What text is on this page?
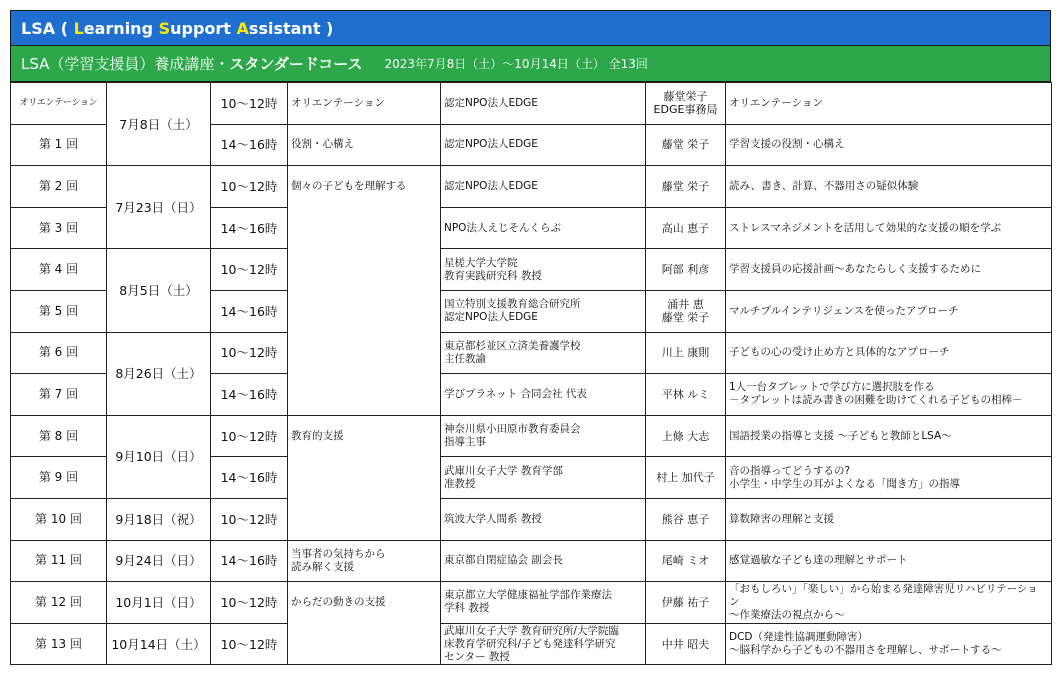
LSA ( Learning Support Assistant )
LSA（学習支援員）養成講座・ スタンダードコース 2023年7月8日（土）～10月14日（土） 全13回
オリエンテーション	7月8日（土）	10～12時	オリエンテーション	認定NPO法人EDGE	藤堂栄子
EDGE事務局	オリエンテーション
第 1 回		14～16時	役割・心構え	認定NPO法人EDGE	藤堂 栄子	学習支援の役割・心構え
第 2 回	7月23日（日）	10～12時	個々の子どもを理解する	認定NPO法人EDGE	藤堂 栄子	読み、書き、計算、不器用さの疑似体験
第 3 回		14～16時		NPO法人えじそんくらぶ	高山 恵子	ストレスマネジメントを活用して効果的な支援の順を学ぶ
第 4 回	8月5日（土）	10～12時		星槎大学大学院
教育実践研究科 教授	阿部 利彦	学習支援員の応援計画～あなたらしく支援するために
第 5 回		14～16時		国立特別支援教育総合研究所
認定NPO法人EDGE	涌井 恵
藤堂 栄子	マルチプルインテリジェンスを使ったアプローチ
第 6 回	8月26日（土）	10～12時		東京都杉並区立済美養護学校
主任教諭	川上 康則	子どもの心の受け止め方と具体的なアプローチ
第 7 回		14～16時		学びプラネット 合同会社 代表	平林 ルミ	1人一台タブレットで学び方に選択肢を作る
－タブレットは読み書きの困難を助けてくれる子どもの相棒－
第 8 回	9月10日（日）	10～12時	教育的支援	神奈川県小田原市教育委員会
指導主事	上條 大志	国語授業の指導と支援 ～子どもと教師とLSA～
第 9 回		14～16時		武庫川女子大学 教育学部
准教授	村上 加代子	音の指導ってどうするの?
小学生・中学生の耳がよくなる「聞き方」の指導
第 10 回	9月18日（祝）	10～12時		筑波大学人間系 教授	熊谷 恵子	算数障害の理解と支援
第 11 回	9月24日（日）	14～16時	当事者の気持ちから
読み解く支援	東京都自閉症協会 副会長	尾崎 ミオ	感覚過敏な子ども達の理解とサポート
第 12 回	10月1日（日）	10～12時	からだの動きの支援	東京都立大学健康福祉学部作業療法
学科 教授	伊藤 祐子	「おもしろい」「楽しい」から始まる発達障害児リハビリテーション
～作業療法の視点から～
第 13 回	10月14日（土）	10～12時		武庫川女子大学 教育研究所/大学院臨
床教育学研究科/子ども発達科学研究
センター 教授	中井 昭夫	DCD（発達性協調運動障害）
～脳科学から子どもの不器用さを理解し、サポートする～
